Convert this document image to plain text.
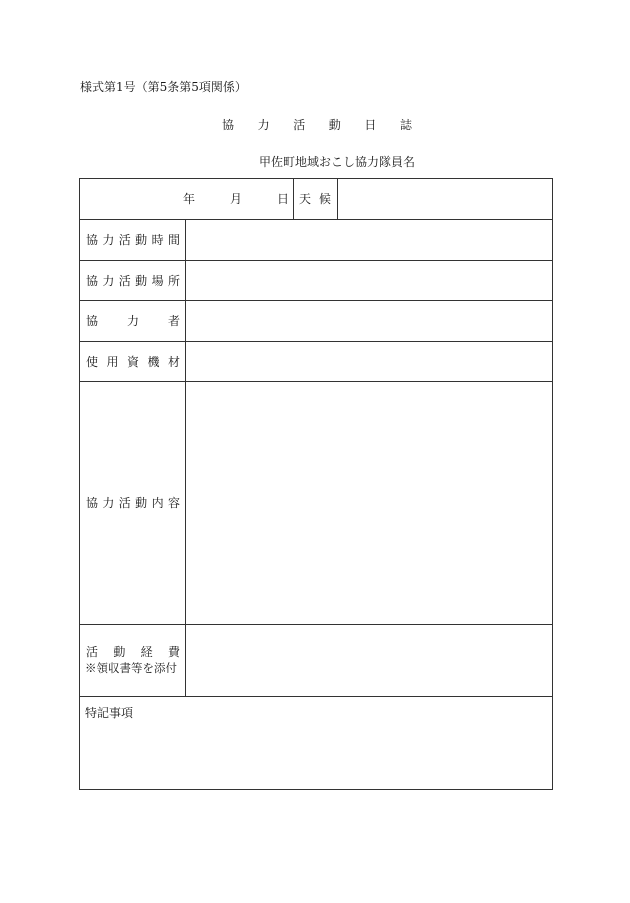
様式第1号（第5条第5項関係）
協 力 活 動 日 誌
甲佐町地域おこし協力隊員名
年	月	日 天 候
協 力 活 動 時 間
協 力 活 動 場 所
協 力 者
使 用 資 機 材
協 力 活 動 内 容
活 動 経 費
※領収書等を添付
特記事項
